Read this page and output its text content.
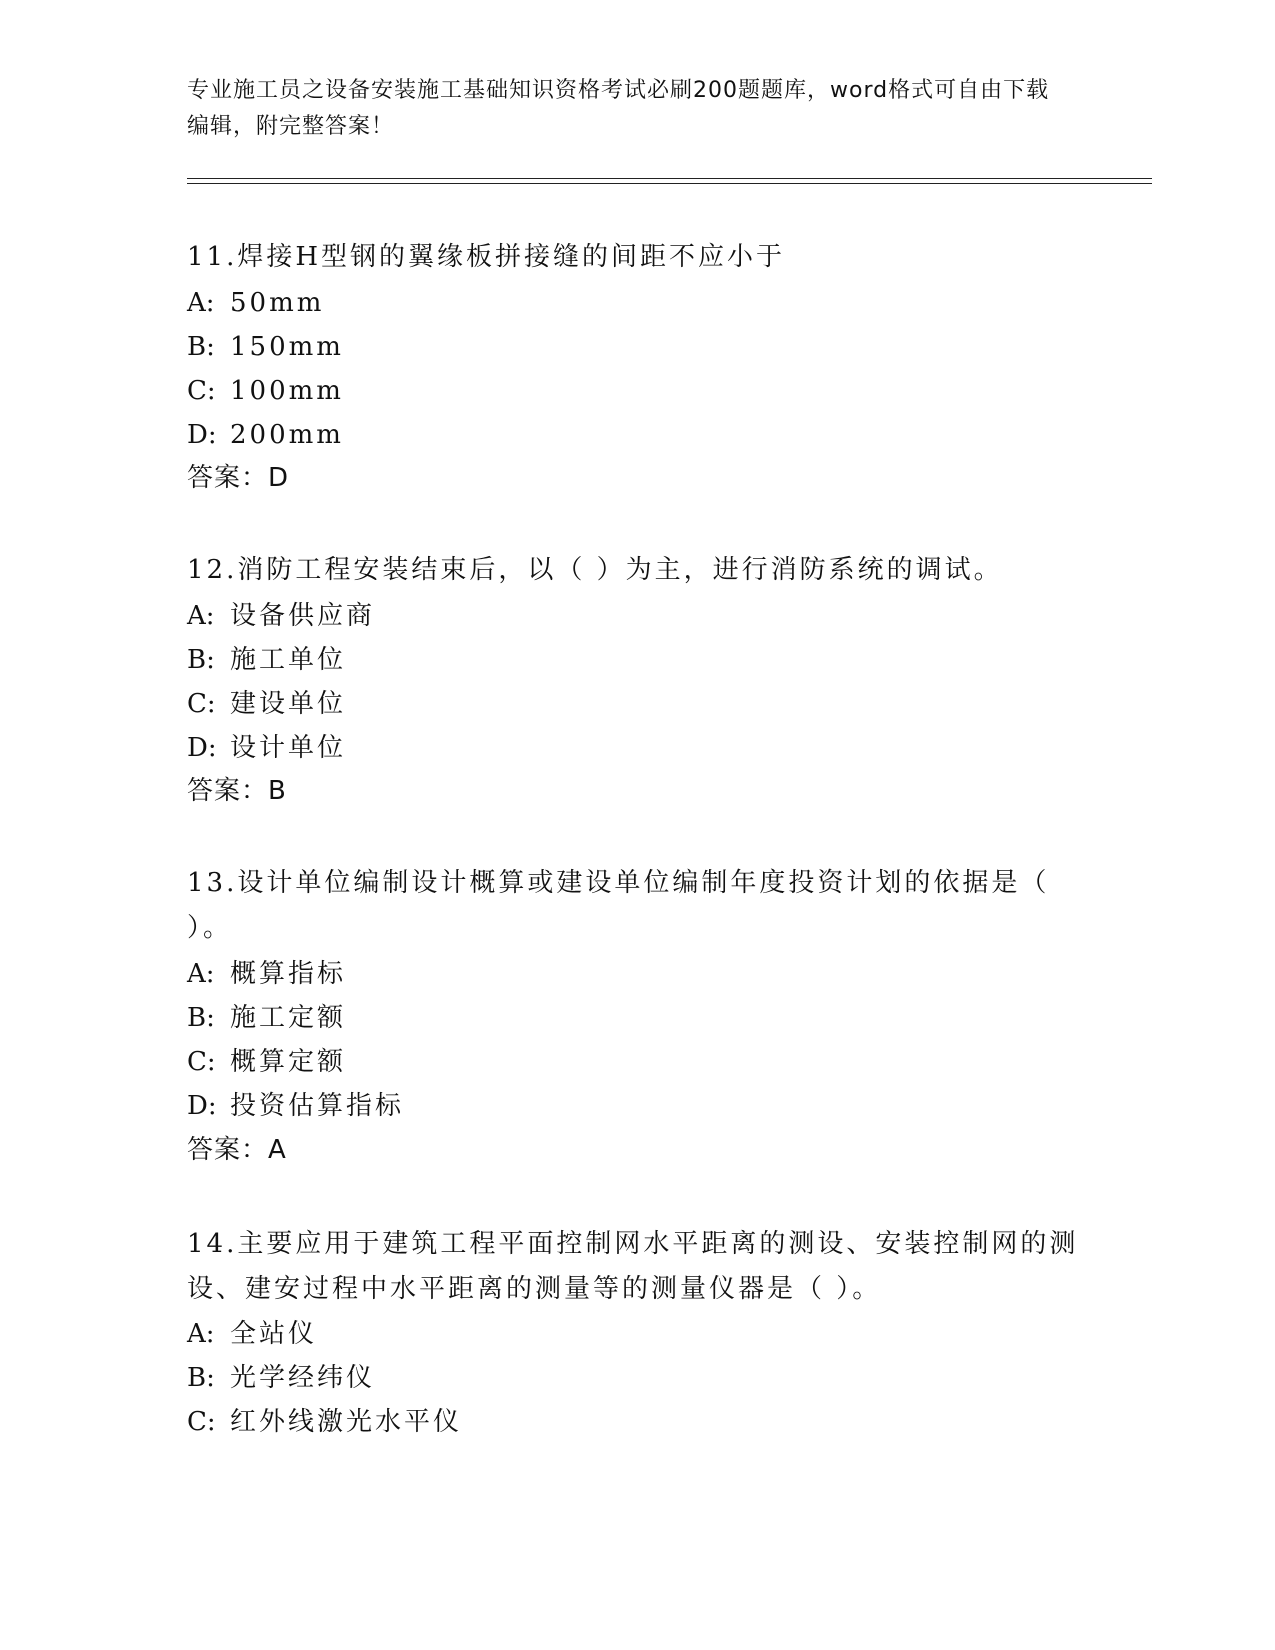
专业施工员之设备安装施工基础知识资格考试必刷200题题库，word格式可自由下载编辑，附完整答案！
11.焊接H型钢的翼缘板拼接缝的间距不应小于
A: 50mm
B: 150mm
C: 100mm
D: 200mm
答案：D
12.消防工程安装结束后，以（ ）为主，进行消防系统的调试。
A: 设备供应商
B: 施工单位
C: 建设单位
D: 设计单位
答案：B
13.设计单位编制设计概算或建设单位编制年度投资计划的依据是（ ）。
A: 概算指标
B: 施工定额
C: 概算定额
D: 投资估算指标
答案：A
14.主要应用于建筑工程平面控制网水平距离的测设、安装控制网的测设、建安过程中水平距离的测量等的测量仪器是（ ）。
A: 全站仪
B: 光学经纬仪
C: 红外线激光水平仪
